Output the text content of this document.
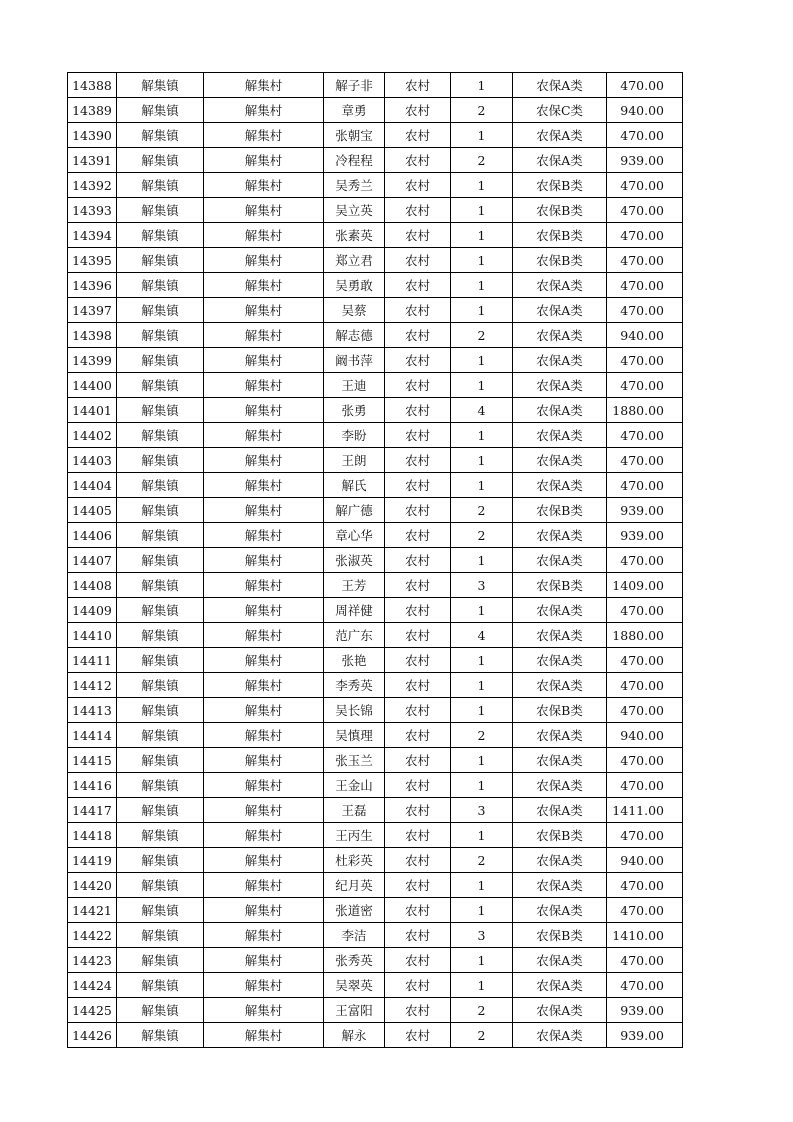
14388	解集镇	解集村	解子非	农村	1	农保A类	470.00
14389	解集镇	解集村	章勇	农村	2	农保C类	940.00
14390	解集镇	解集村	张朝宝	农村	1	农保A类	470.00
14391	解集镇	解集村	冷程程	农村	2	农保A类	939.00
14392	解集镇	解集村	吴秀兰	农村	1	农保B类	470.00
14393	解集镇	解集村	吴立英	农村	1	农保B类	470.00
14394	解集镇	解集村	张素英	农村	1	农保B类	470.00
14395	解集镇	解集村	郑立君	农村	1	农保B类	470.00
14396	解集镇	解集村	吴勇敢	农村	1	农保A类	470.00
14397	解集镇	解集村	吴蔡	农村	1	农保A类	470.00
14398	解集镇	解集村	解志德	农村	2	农保A类	940.00
14399	解集镇	解集村	阚书萍	农村	1	农保A类	470.00
14400	解集镇	解集村	王迪	农村	1	农保A类	470.00
14401	解集镇	解集村	张勇	农村	4	农保A类	1880.00
14402	解集镇	解集村	李盼	农村	1	农保A类	470.00
14403	解集镇	解集村	王朗	农村	1	农保A类	470.00
14404	解集镇	解集村	解氏	农村	1	农保A类	470.00
14405	解集镇	解集村	解广德	农村	2	农保B类	939.00
14406	解集镇	解集村	章心华	农村	2	农保A类	939.00
14407	解集镇	解集村	张淑英	农村	1	农保A类	470.00
14408	解集镇	解集村	王芳	农村	3	农保B类	1409.00
14409	解集镇	解集村	周祥健	农村	1	农保A类	470.00
14410	解集镇	解集村	范广东	农村	4	农保A类	1880.00
14411	解集镇	解集村	张艳	农村	1	农保A类	470.00
14412	解集镇	解集村	李秀英	农村	1	农保A类	470.00
14413	解集镇	解集村	吴长锦	农村	1	农保B类	470.00
14414	解集镇	解集村	吴慎理	农村	2	农保A类	940.00
14415	解集镇	解集村	张玉兰	农村	1	农保A类	470.00
14416	解集镇	解集村	王金山	农村	1	农保A类	470.00
14417	解集镇	解集村	王磊	农村	3	农保A类	1411.00
14418	解集镇	解集村	王丙生	农村	1	农保B类	470.00
14419	解集镇	解集村	杜彩英	农村	2	农保A类	940.00
14420	解集镇	解集村	纪月英	农村	1	农保A类	470.00
14421	解集镇	解集村	张道密	农村	1	农保A类	470.00
14422	解集镇	解集村	李洁	农村	3	农保B类	1410.00
14423	解集镇	解集村	张秀英	农村	1	农保A类	470.00
14424	解集镇	解集村	吴翠英	农村	1	农保A类	470.00
14425	解集镇	解集村	王富阳	农村	2	农保A类	939.00
14426	解集镇	解集村	解永	农村	2	农保A类	939.00
